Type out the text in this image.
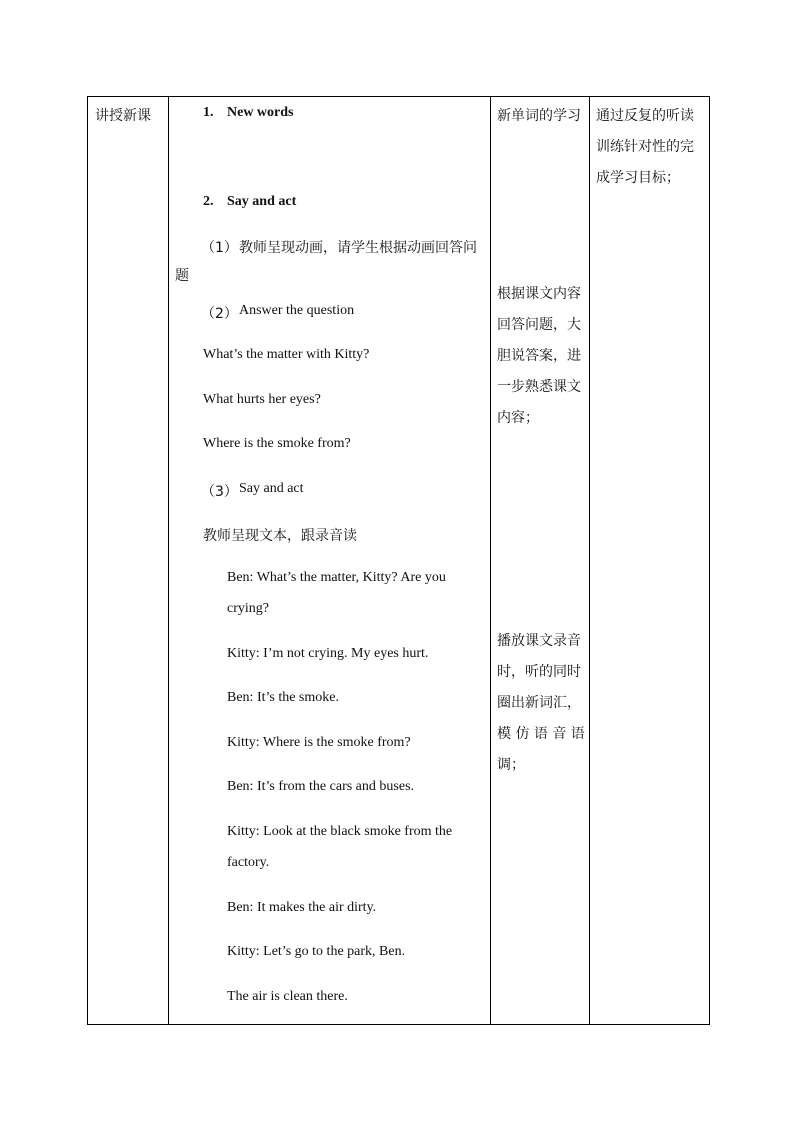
讲授新课	1. New words
2. Say and act
（1） 教师呈现动画，请学生根据动画回答问
题
（2） Answer the question
What’s the matter with Kitty?
What hurts her eyes?
Where is the smoke from?
（3） Say and act
教师呈现文本，跟录音读
Ben: What’s the matter, Kitty? Are you
crying?
Kitty: I’m not crying. My eyes hurt.
Ben: It’s the smoke.
Kitty: Where is the smoke from?
Ben: It’s from the cars and buses.
Kitty: Look at the black smoke from the
factory.
Ben: It makes the air dirty.
Kitty: Let’s go to the park, Ben.
The air is clean there.

新单词的学习
根据课文内容
回答问题，大
胆说答案，进
一步熟悉课文
内容；
播放课文录音
时，听的同时
圈出新词汇，
模 仿 语 音 语
调；

通过反复的听读
训练针对性的完
成学习目标；
